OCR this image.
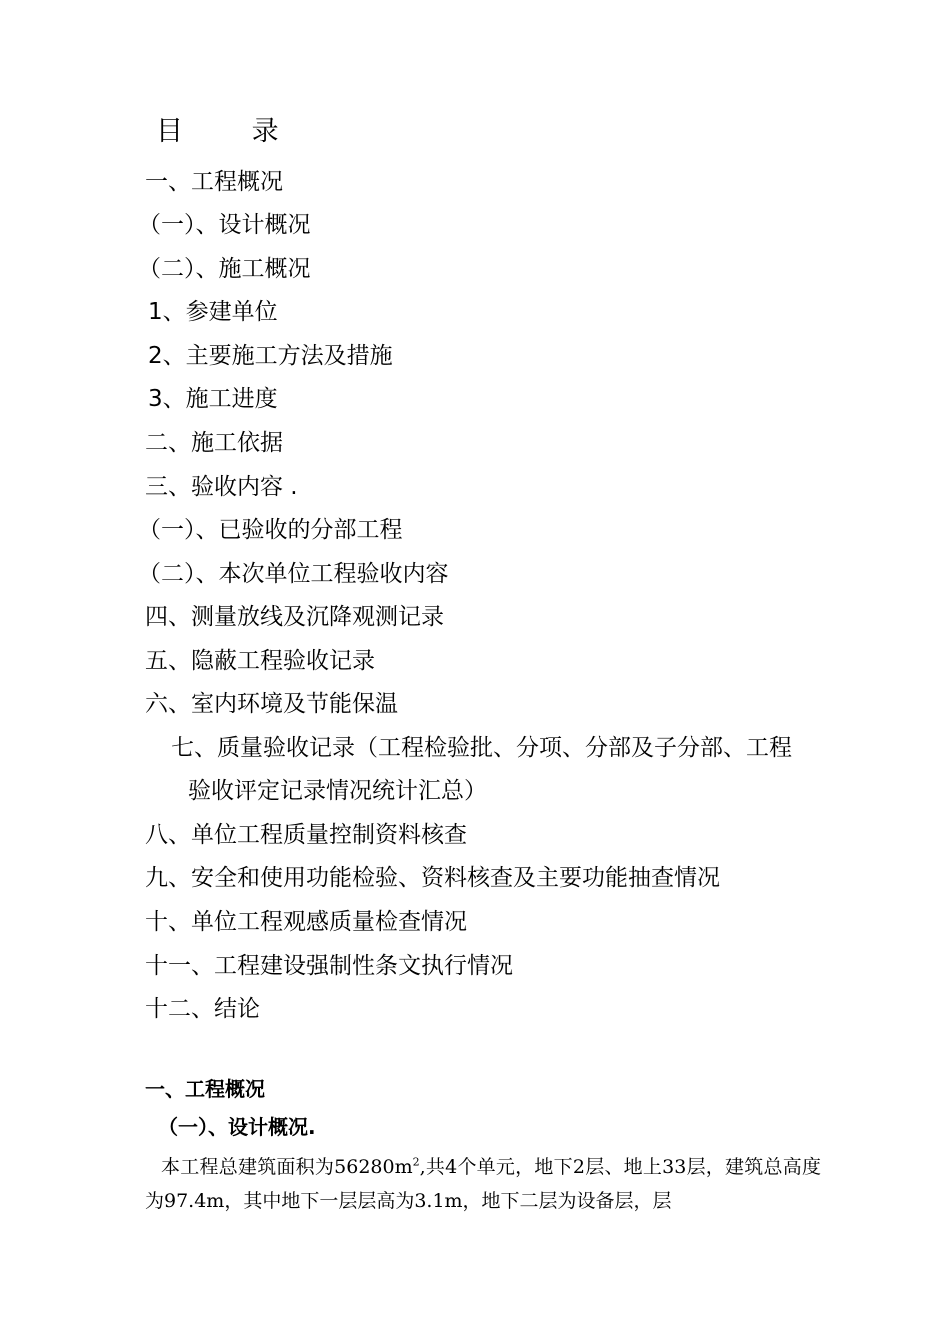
目        录
一、工程概况
（一）、设计概况
（二）、施工概况
1、参建单位
2、主要施工方法及措施
3、施工进度
二、施工依据
三、验收内容 .
（一）、已验收的分部工程
（二）、本次单位工程验收内容
四、测量放线及沉降观测记录
五、隐蔽工程验收记录
六、室内环境及节能保温
七、质量验收记录（工程检验批、分项、分部及子分部、工程
验收评定记录情况统计汇总）
八、单位工程质量控制资料核查
九、安全和使用功能检验、资料核查及主要功能抽查情况
十、单位工程观感质量检查情况
十一、工程建设强制性条文执行情况
十二、结论
一、工程概况
（一）、设计概况.
本工程总建筑面积为$56280m^2$,共4个单元，地下2层、地上33层，建筑总高度为97.4m，其中地下一层层高为3.1m，地下二层为设备层，层
